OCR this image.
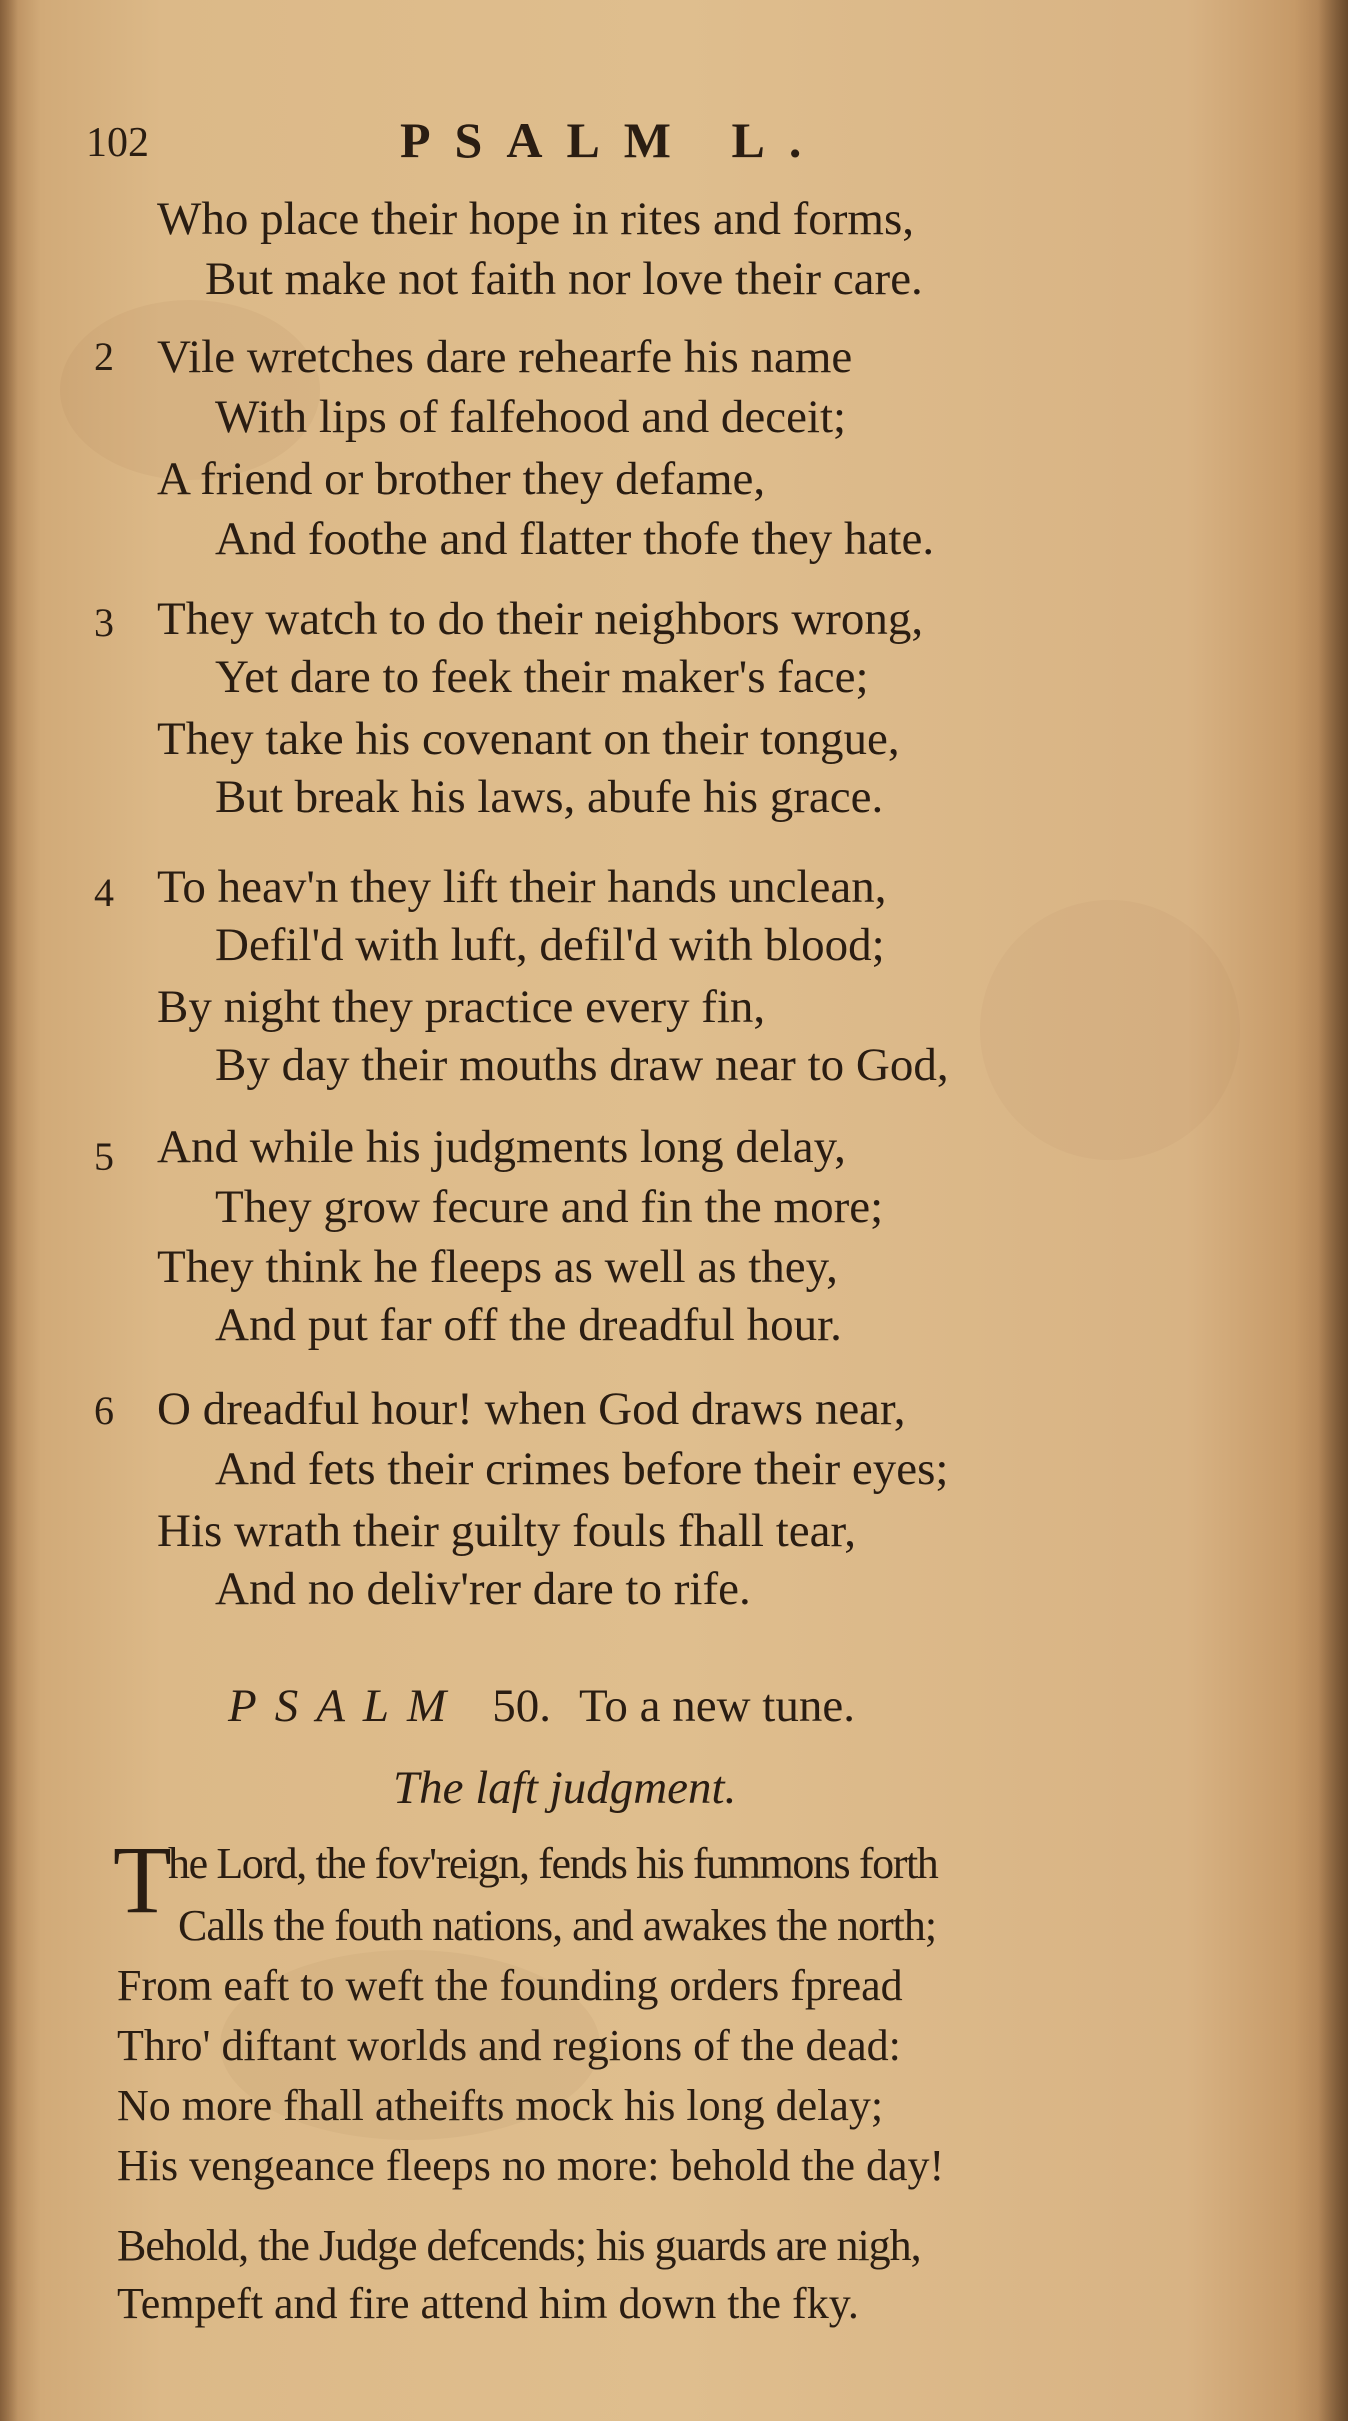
102	PSALM L.
Who place their hope in rites and forms,
But make not faith nor love their care.
2 Vile wretches dare rehearfe his name
With lips of falfehood and deceit;
A friend or brother they defame,
And foothe and flatter thofe they hate.
3 They watch to do their neighbors wrong,
Yet dare to feek their maker's face;
They take his covenant on their tongue,
But break his laws, abufe his grace.
4 To heav'n they lift their hands unclean,
Defil'd with luft, defil'd with blood;
By night they practice every fin,
By day their mouths draw near to God,
5 And while his judgments long delay,
They grow fecure and fin the more;
They think he fleeps as well as they,
And put far off the dreadful hour.
6 O dreadful hour! when God draws near,
And fets their crimes before their eyes;
His wrath their guilty fouls fhall tear,
And no deliv'rer dare to rife.
PSALM 50. To a new tune.
The laft judgment.
T
he Lord, the fov'reign, fends his fummons forth
Calls the fouth nations, and awakes the north;
From eaft to weft the founding orders fpread
Thro' diftant worlds and regions of the dead:
No more fhall atheifts mock his long delay;
His vengeance fleeps no more: behold the day!
Behold, the Judge defcends; his guards are nigh,
Tempeft and fire attend him down the fky.
